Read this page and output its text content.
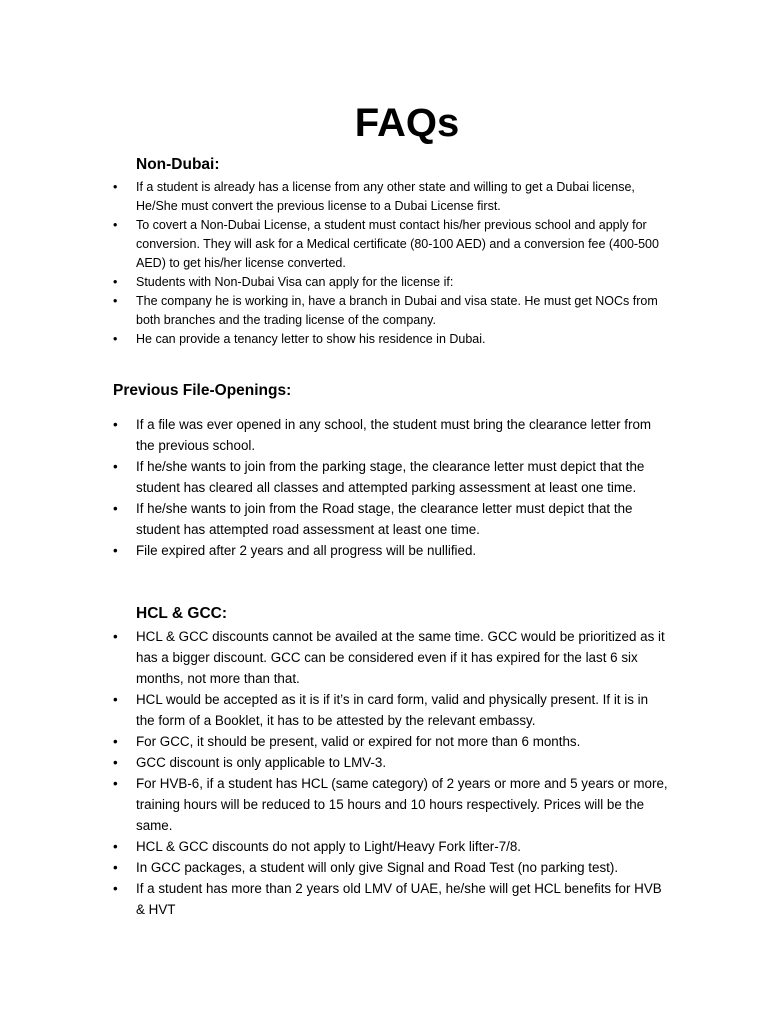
FAQs
Non-Dubai:
• If a student is already has a license from any other state and willing to get a Dubai license,
He/She must convert the previous license to a Dubai License first.
• To covert a Non-Dubai License, a student must contact his/her previous school and apply for
conversion. They will ask for a Medical certificate (80-100 AED) and a conversion fee (400-500
AED) to get his/her license converted.
• Students with Non-Dubai Visa can apply for the license if:
• The company he is working in, have a branch in Dubai and visa state. He must get NOCs from
both branches and the trading license of the company.
• He can provide a tenancy letter to show his residence in Dubai.
Previous File-Openings:
• If a file was ever opened in any school, the student must bring the clearance letter from
the previous school.
• If he/she wants to join from the parking stage, the clearance letter must depict that the
student has cleared all classes and attempted parking assessment at least one time.
• If he/she wants to join from the Road stage, the clearance letter must depict that the
student has attempted road assessment at least one time.
• File expired after 2 years and all progress will be nullified.
HCL & GCC:
• HCL & GCC discounts cannot be availed at the same time. GCC would be prioritized as it
has a bigger discount. GCC can be considered even if it has expired for the last 6 six
months, not more than that.
• HCL would be accepted as it is if it’s in card form, valid and physically present. If it is in
the form of a Booklet, it has to be attested by the relevant embassy.
• For GCC, it should be present, valid or expired for not more than 6 months.
• GCC discount is only applicable to LMV-3.
• For HVB-6, if a student has HCL (same category) of 2 years or more and 5 years or more,
training hours will be reduced to 15 hours and 10 hours respectively. Prices will be the
same.
• HCL & GCC discounts do not apply to Light/Heavy Fork lifter-7/8.
• In GCC packages, a student will only give Signal and Road Test (no parking test).
• If a student has more than 2 years old LMV of UAE, he/she will get HCL benefits for HVB
& HVT
